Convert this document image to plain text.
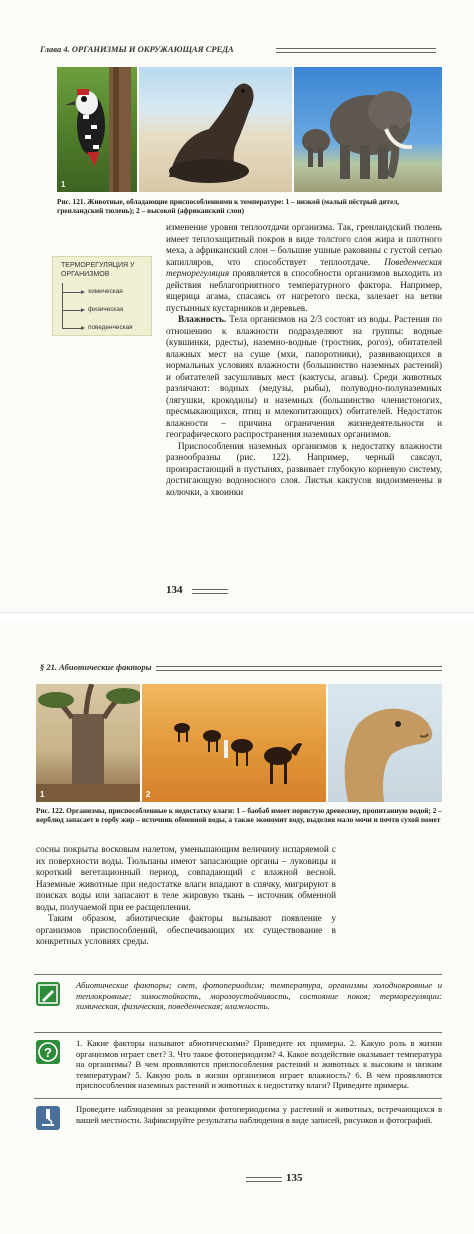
Глава 4. ОРГАНИЗМЫ И ОКРУЖАЮЩАЯ СРЕДА
1
Рис. 121. Животные, обладающие приспособлениями к температуре: 1 – низкой (малый пёстрый дятел, гренландский тюлень); 2 – высокой (африканский слон)
ТЕРМОРЕГУЛЯЦИЯ У ОРГАНИЗМОВ
химическая
физическая
поведенческая

изменение уровня теплоотдачи организма. Так, гренландский тюлень имеет теплозащитный покров в виде толстого слоя жира и плотного меха, а африканский слон – большие ушные раковины с густой сетью капилляров, что способствует теплоотдаче. Поведенческая терморегуляция проявляется в способности организмов выходить из действия неблагоприятного температурного фактора. Например, ящерица агама, спасаясь от нагретого песка, залезает на ветви пустынных кустарников и деревьев.

Влажность. Тела организмов на 2/3 состоят из воды. Растения по отношению к влажности подразделяют на группы: водные (кувшинки, рдесты), наземно-водные (тростник, рогоз), обитателей влажных мест на суше (мхи, папоротники), развивающихся в нормальных условиях влажности (большинство наземных растений) и обитателей засушливых мест (кактусы, агавы). Среди животных различают: водных (медузы, рыбы), полуводно-полуназемных (лягушки, крокодилы) и наземных (большинство членистоногих, пресмыкающихся, птиц и млекопитающих) обитателей. Недостаток влажности – причина ограничения жизнедеятельности и географического распространения наземных организмов.

Приспособления наземных организмов к недостатку влажности разнообразны (рис. 122). Например, черный саксаул, произрастающий в пустынях, развивает глубокую корневую систему, достигающую водоносного слоя. Листья кактусов видоизменены в колючки, а хвоинки

134
§ 21. Абиотические факторы
1	2
Рис. 122. Организмы, приспособленные к недостатку влаги: 1 – баобаб имеет пористую древесину, пропитанную водой; 2 – верблюд запасает в горбу жир – источник обменной воды, а также экономит воду, выделяя мало мочи и почти сухой помет

сосны покрыты восковым налетом, уменьшающим величину испаряемой с их поверхности воды. Тюльпаны имеют запасающие органы – луковицы и короткий вегетационный период, совпадающий с влажной весной. Наземные животные при недостатке влаги впадают в спячку, мигрируют в поисках воды или запасают в теле жировую ткань – источник обменной воды, получаемой при ее расщеплении.

Таким образом, абиотические факторы вызывают появление у организмов приспособлений, обеспечивающих их существование в конкретных условиях среды.

Абиотические факторы; свет, фотопериодизм; температура, организмы холоднокровные и теплокровные; зимостойкость, морозоустойчивость, состояние покоя; терморегуляции: химическая, физическая, поведенческая; влажность.
?
1. Какие факторы называют абиотическими? Приведите их примеры. 2. Какую роль в жизни организмов играет свет? 3. Что такое фотопериодизм? 4. Какое воздействие оказывает температура на организмы? В чем проявляются приспособления растений и животных к высоким и низким температурам? 5. Какую роль в жизни организмов играет влажность? 6. В чем проявляются приспособления наземных растений и животных к недостатку влаги? Приведите примеры.
Проведите наблюдения за реакциями фотопериодизма у растений и животных, встречающихся в вашей местности. Зафиксируйте результаты наблюдения в виде записей, рисунков и фотографий.
135
